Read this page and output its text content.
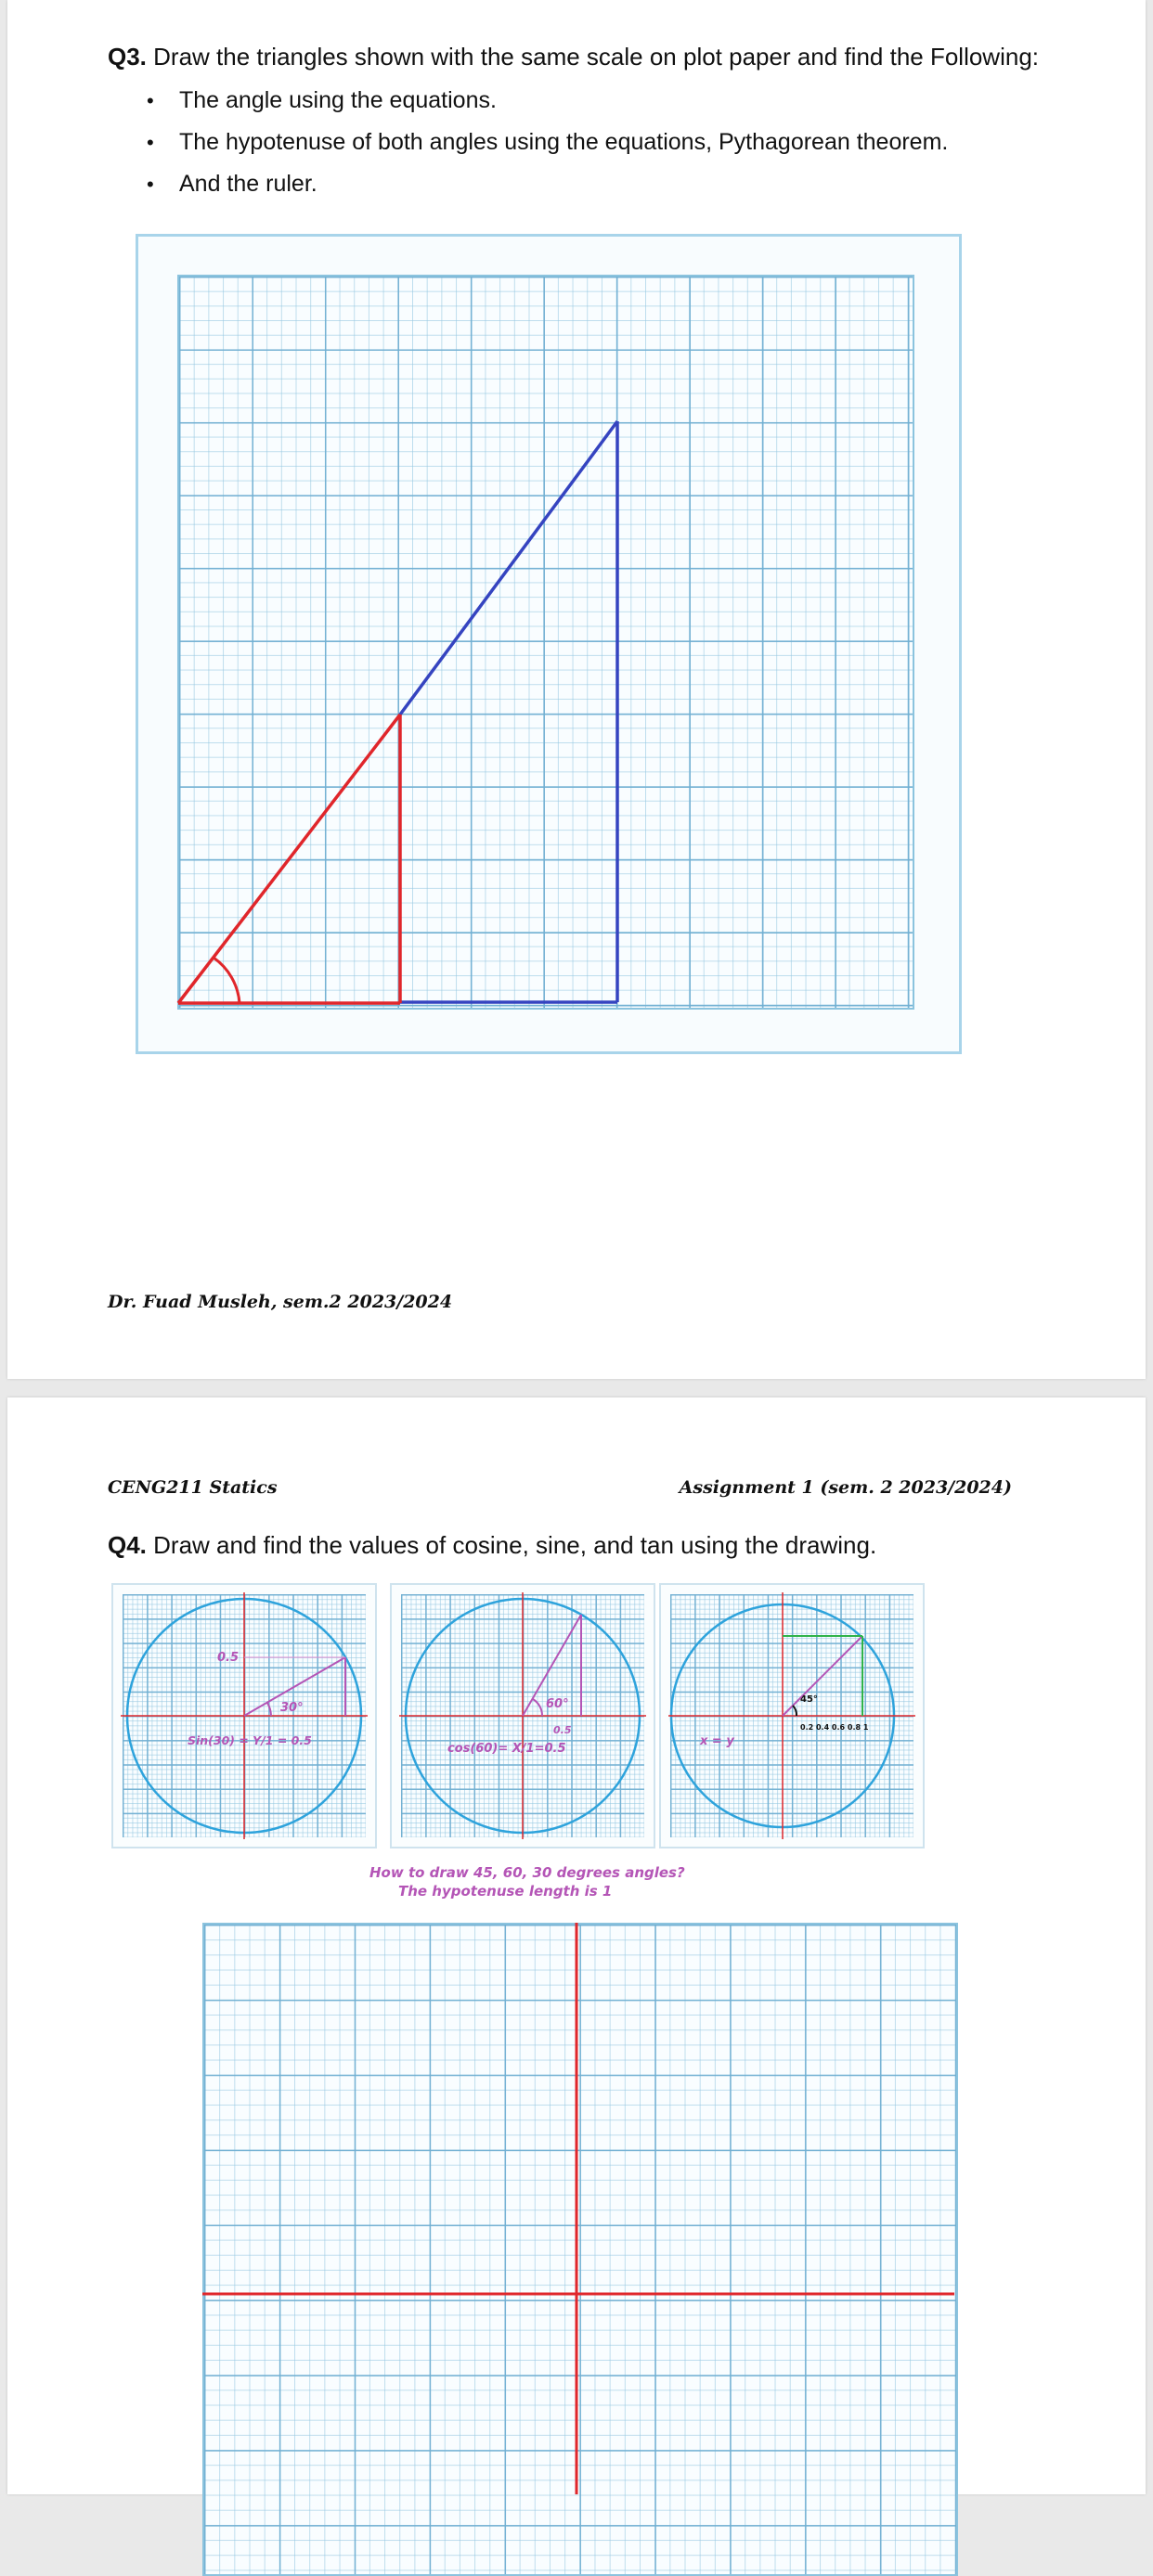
Q3. Draw the triangles shown with the same scale on plot paper and find the Following:

• The angle using the equations.
• The hypotenuse of both angles using the equations, Pythagorean theorem.
• And the ruler.
Dr. Fuad Musleh, sem.2 2023/2024
CENG211 Statics	Assignment 1 (sem. 2 2023/2024)

Q4. Draw and find the values of cosine, sine, and tan using the drawing.

0.5
30°
Sin(30) = Y/1 = 0.5
60°
0.5
cos(60)= X/1=0.5
45°
0.2 0.4 0.6 0.8 1
x = y
How to draw 45, 60, 30 degrees angles?
The hypotenuse length is 1
